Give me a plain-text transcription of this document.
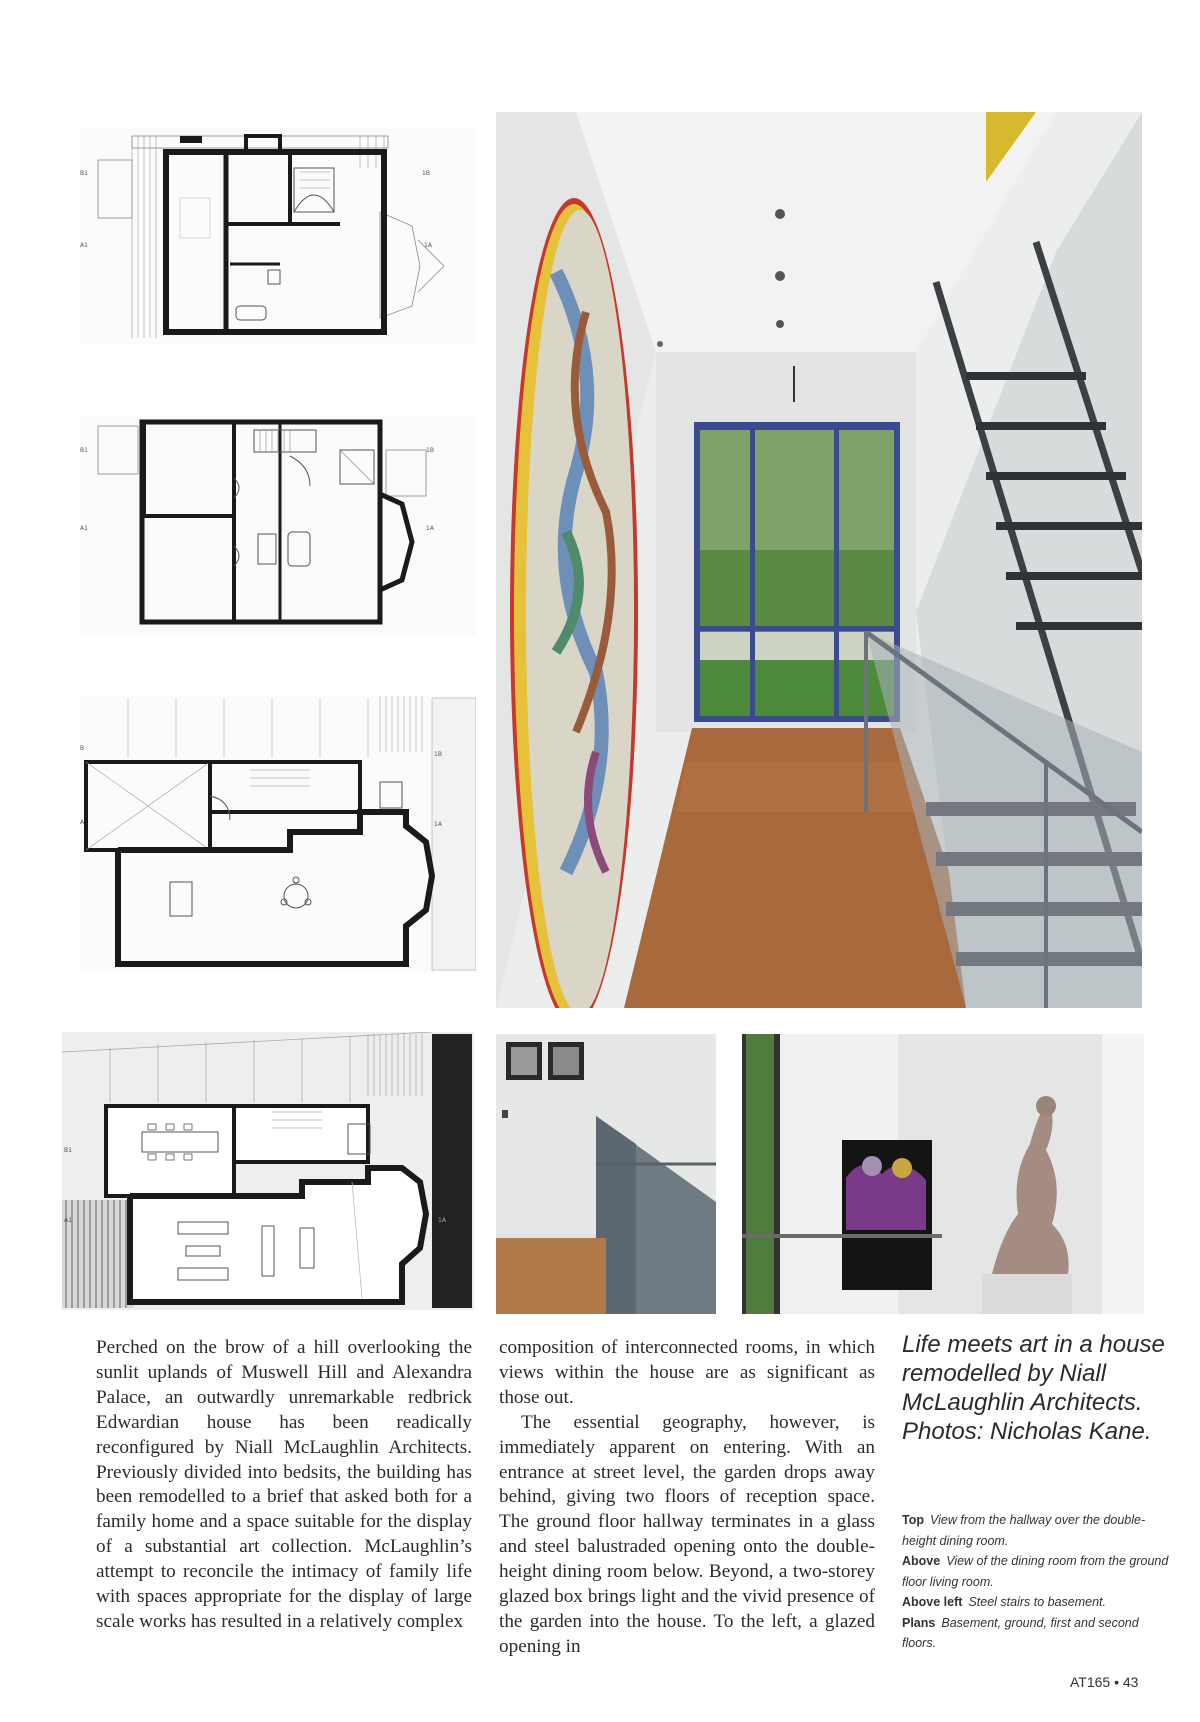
B1
A1
1B
1A
B1
A1
1B
1A
B
A
1B
1A
B1
A1	1A

Perched on the brow of a hill overlooking the sunlit uplands of Muswell Hill and Alexandra Palace, an outwardly unremarkable redbrick Edwardian house has been readically reconfigured by Niall McLaughlin Architects. Previously divided into bedsits, the building has been remodelled to a brief that asked both for a family home and a space suitable for the display of a substantial art collection. McLaughlin’s attempt to reconcile the intimacy of family life with spaces appropriate for the display of large scale works has resulted in a relatively complex

composition of interconnected rooms, in which views within the house are as significant as those out.

The essential geography, however, is immediately apparent on entering. With an entrance at street level, the garden drops away behind, giving two floors of reception space. The ground floor hallway terminates in a glass and steel balustraded opening onto the double-height dining room below. Beyond, a two-storey glazed box brings light and the vivid presence of the garden into the house. To the left, a glazed opening in

Life meets art in a house remodelled by Niall McLaughlin Architects. Photos: Nicholas Kane.
Top View from the hallway over the double-height dining room.
Above View of the dining room from the ground floor living room.
Above left Steel stairs to basement.
Plans Basement, ground, first and second floors.
AT165 • 43
